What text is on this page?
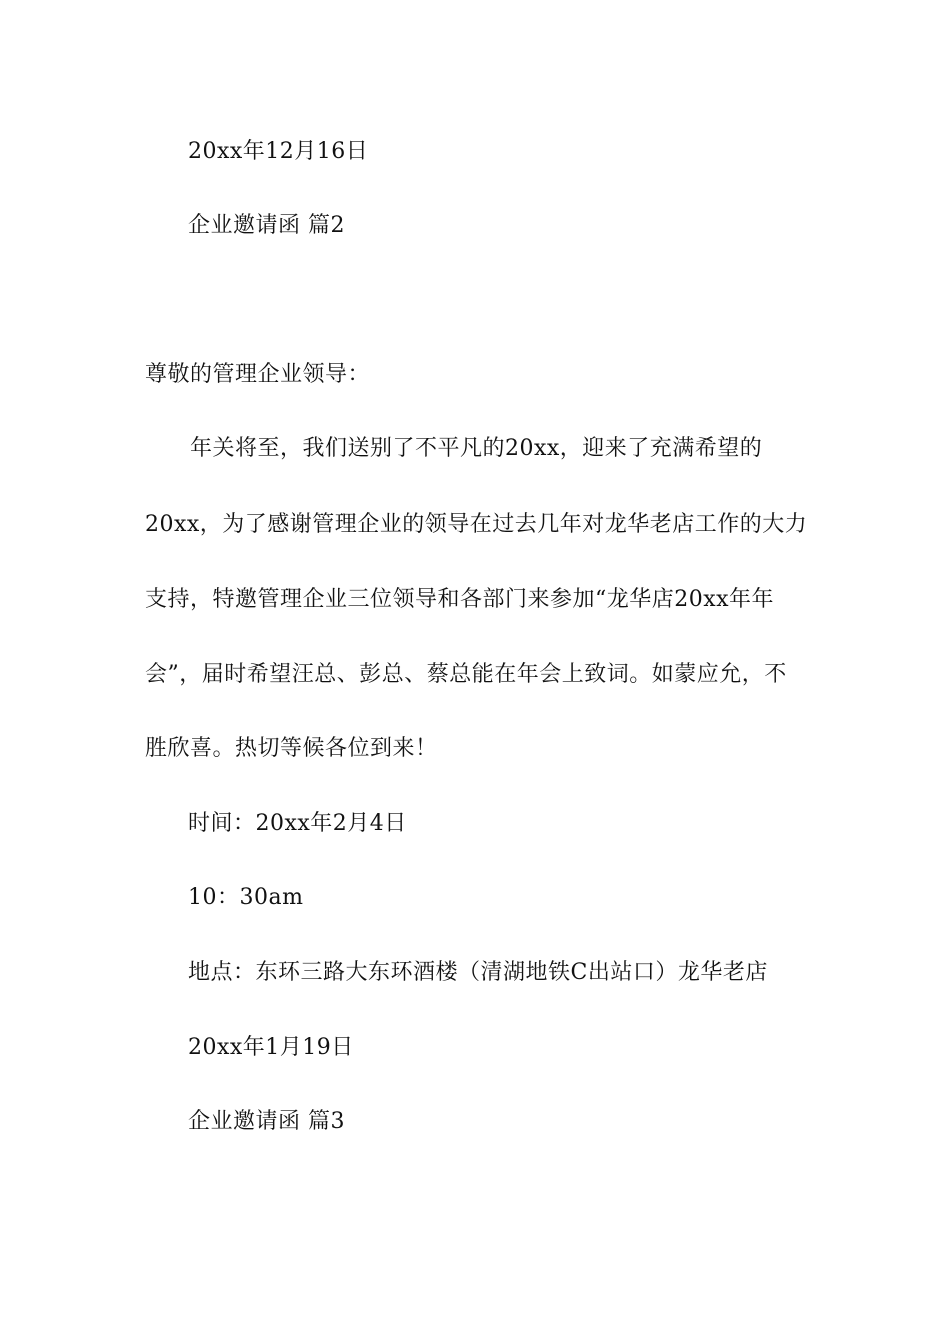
20xx年12月16日
企业邀请函 篇2
尊敬的管理企业领导：
年关将至，我们送别了不平凡的20xx，迎来了充满希望的
20xx，为了感谢管理企业的领导在过去几年对龙华老店工作的大力
支持，特邀管理企业三位领导和各部门来参加“龙华店20xx年年
会”，届时希望汪总、彭总、蔡总能在年会上致词。如蒙应允，不
胜欣喜。热切等候各位到来！
时间：20xx年2月4日
10：30am
地点：东环三路大东环酒楼（清湖地铁C出站口）龙华老店
20xx年1月19日
企业邀请函 篇3
